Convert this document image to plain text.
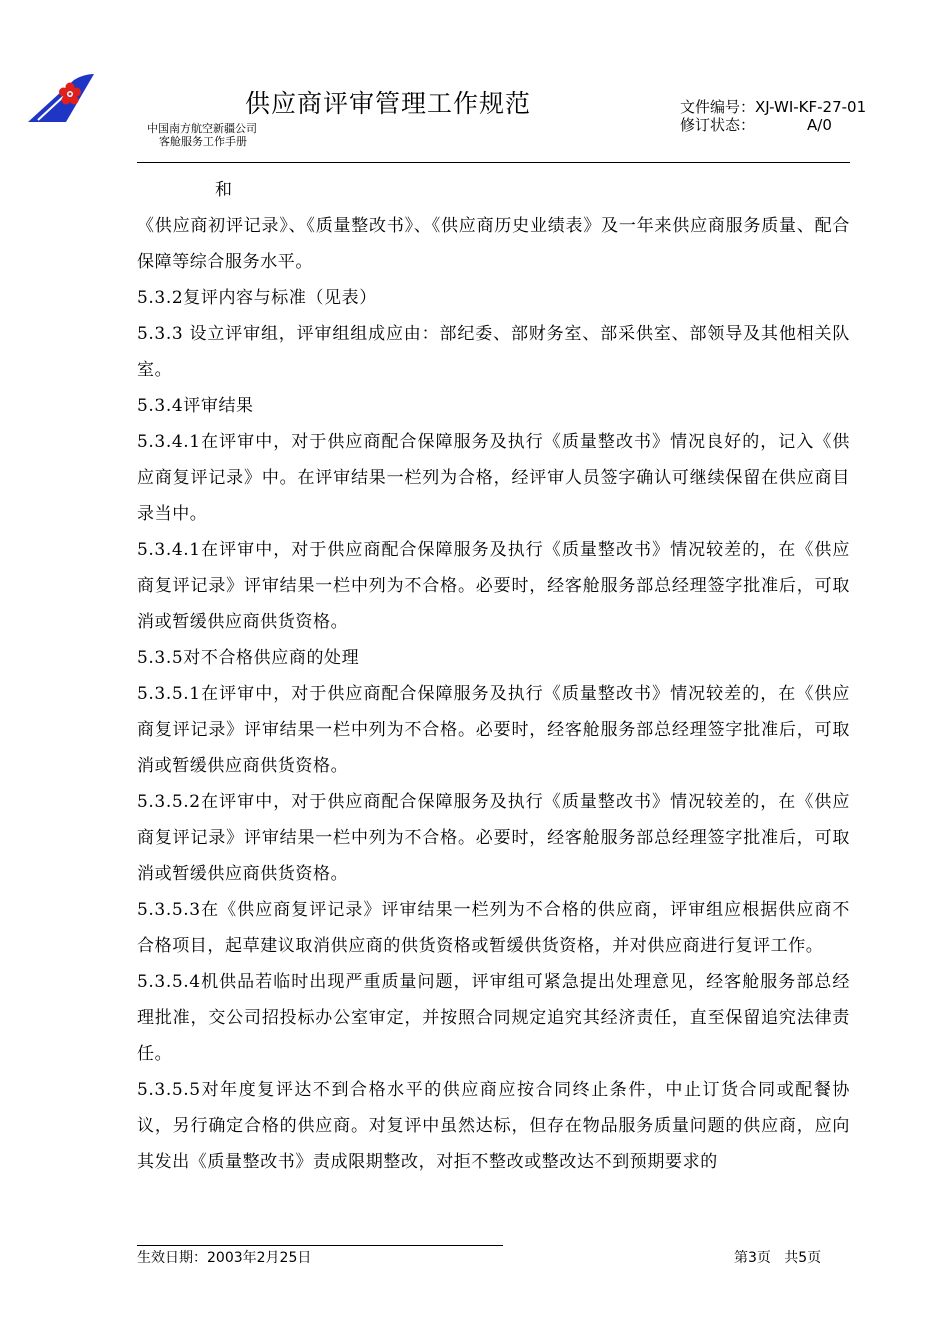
供应商评审管理工作规范
中国南方航空新疆公司
客舱服务工作手册
文件编号：XJ-WI-KF-27-01
修订状态：	A/0

和

《供应商初评记录》、《质量整改书》、《供应商历史业绩表》及一年来供应商服务质量、配合保障等综合服务水平。

5.3.2复评内容与标准（见表）

5.3.3 设立评审组，评审组组成应由：部纪委、部财务室、部采供室、部领导及其他相关队室。

5.3.4评审结果

5.3.4.1在评审中，对于供应商配合保障服务及执行《质量整改书》情况良好的，记入《供应商复评记录》中。在评审结果一栏列为合格，经评审人员签字确认可继续保留在供应商目录当中。

5.3.4.1在评审中，对于供应商配合保障服务及执行《质量整改书》情况较差的，在《供应商复评记录》评审结果一栏中列为不合格。必要时，经客舱服务部总经理签字批准后，可取消或暂缓供应商供货资格。

5.3.5对不合格供应商的处理

5.3.5.1在评审中，对于供应商配合保障服务及执行《质量整改书》情况较差的，在《供应商复评记录》评审结果一栏中列为不合格。必要时，经客舱服务部总经理签字批准后，可取消或暂缓供应商供货资格。

5.3.5.2在评审中，对于供应商配合保障服务及执行《质量整改书》情况较差的，在《供应商复评记录》评审结果一栏中列为不合格。必要时，经客舱服务部总经理签字批准后，可取消或暂缓供应商供货资格。

5.3.5.3在《供应商复评记录》评审结果一栏列为不合格的供应商，评审组应根据供应商不合格项目，起草建议取消供应商的供货资格或暂缓供货资格，并对供应商进行复评工作。

5.3.5.4机供品若临时出现严重质量问题，评审组可紧急提出处理意见，经客舱服务部总经理批准，交公司招投标办公室审定，并按照合同规定追究其经济责任，直至保留追究法律责任。

5.3.5.5对年度复评达不到合格水平的供应商应按合同终止条件，中止订货合同或配餐协议，另行确定合格的供应商。对复评中虽然达标，但存在物品服务质量问题的供应商，应向其发出《质量整改书》责成限期整改，对拒不整改或整改达不到预期要求的

生效日期：2003年2月25日	第3页   共5页
